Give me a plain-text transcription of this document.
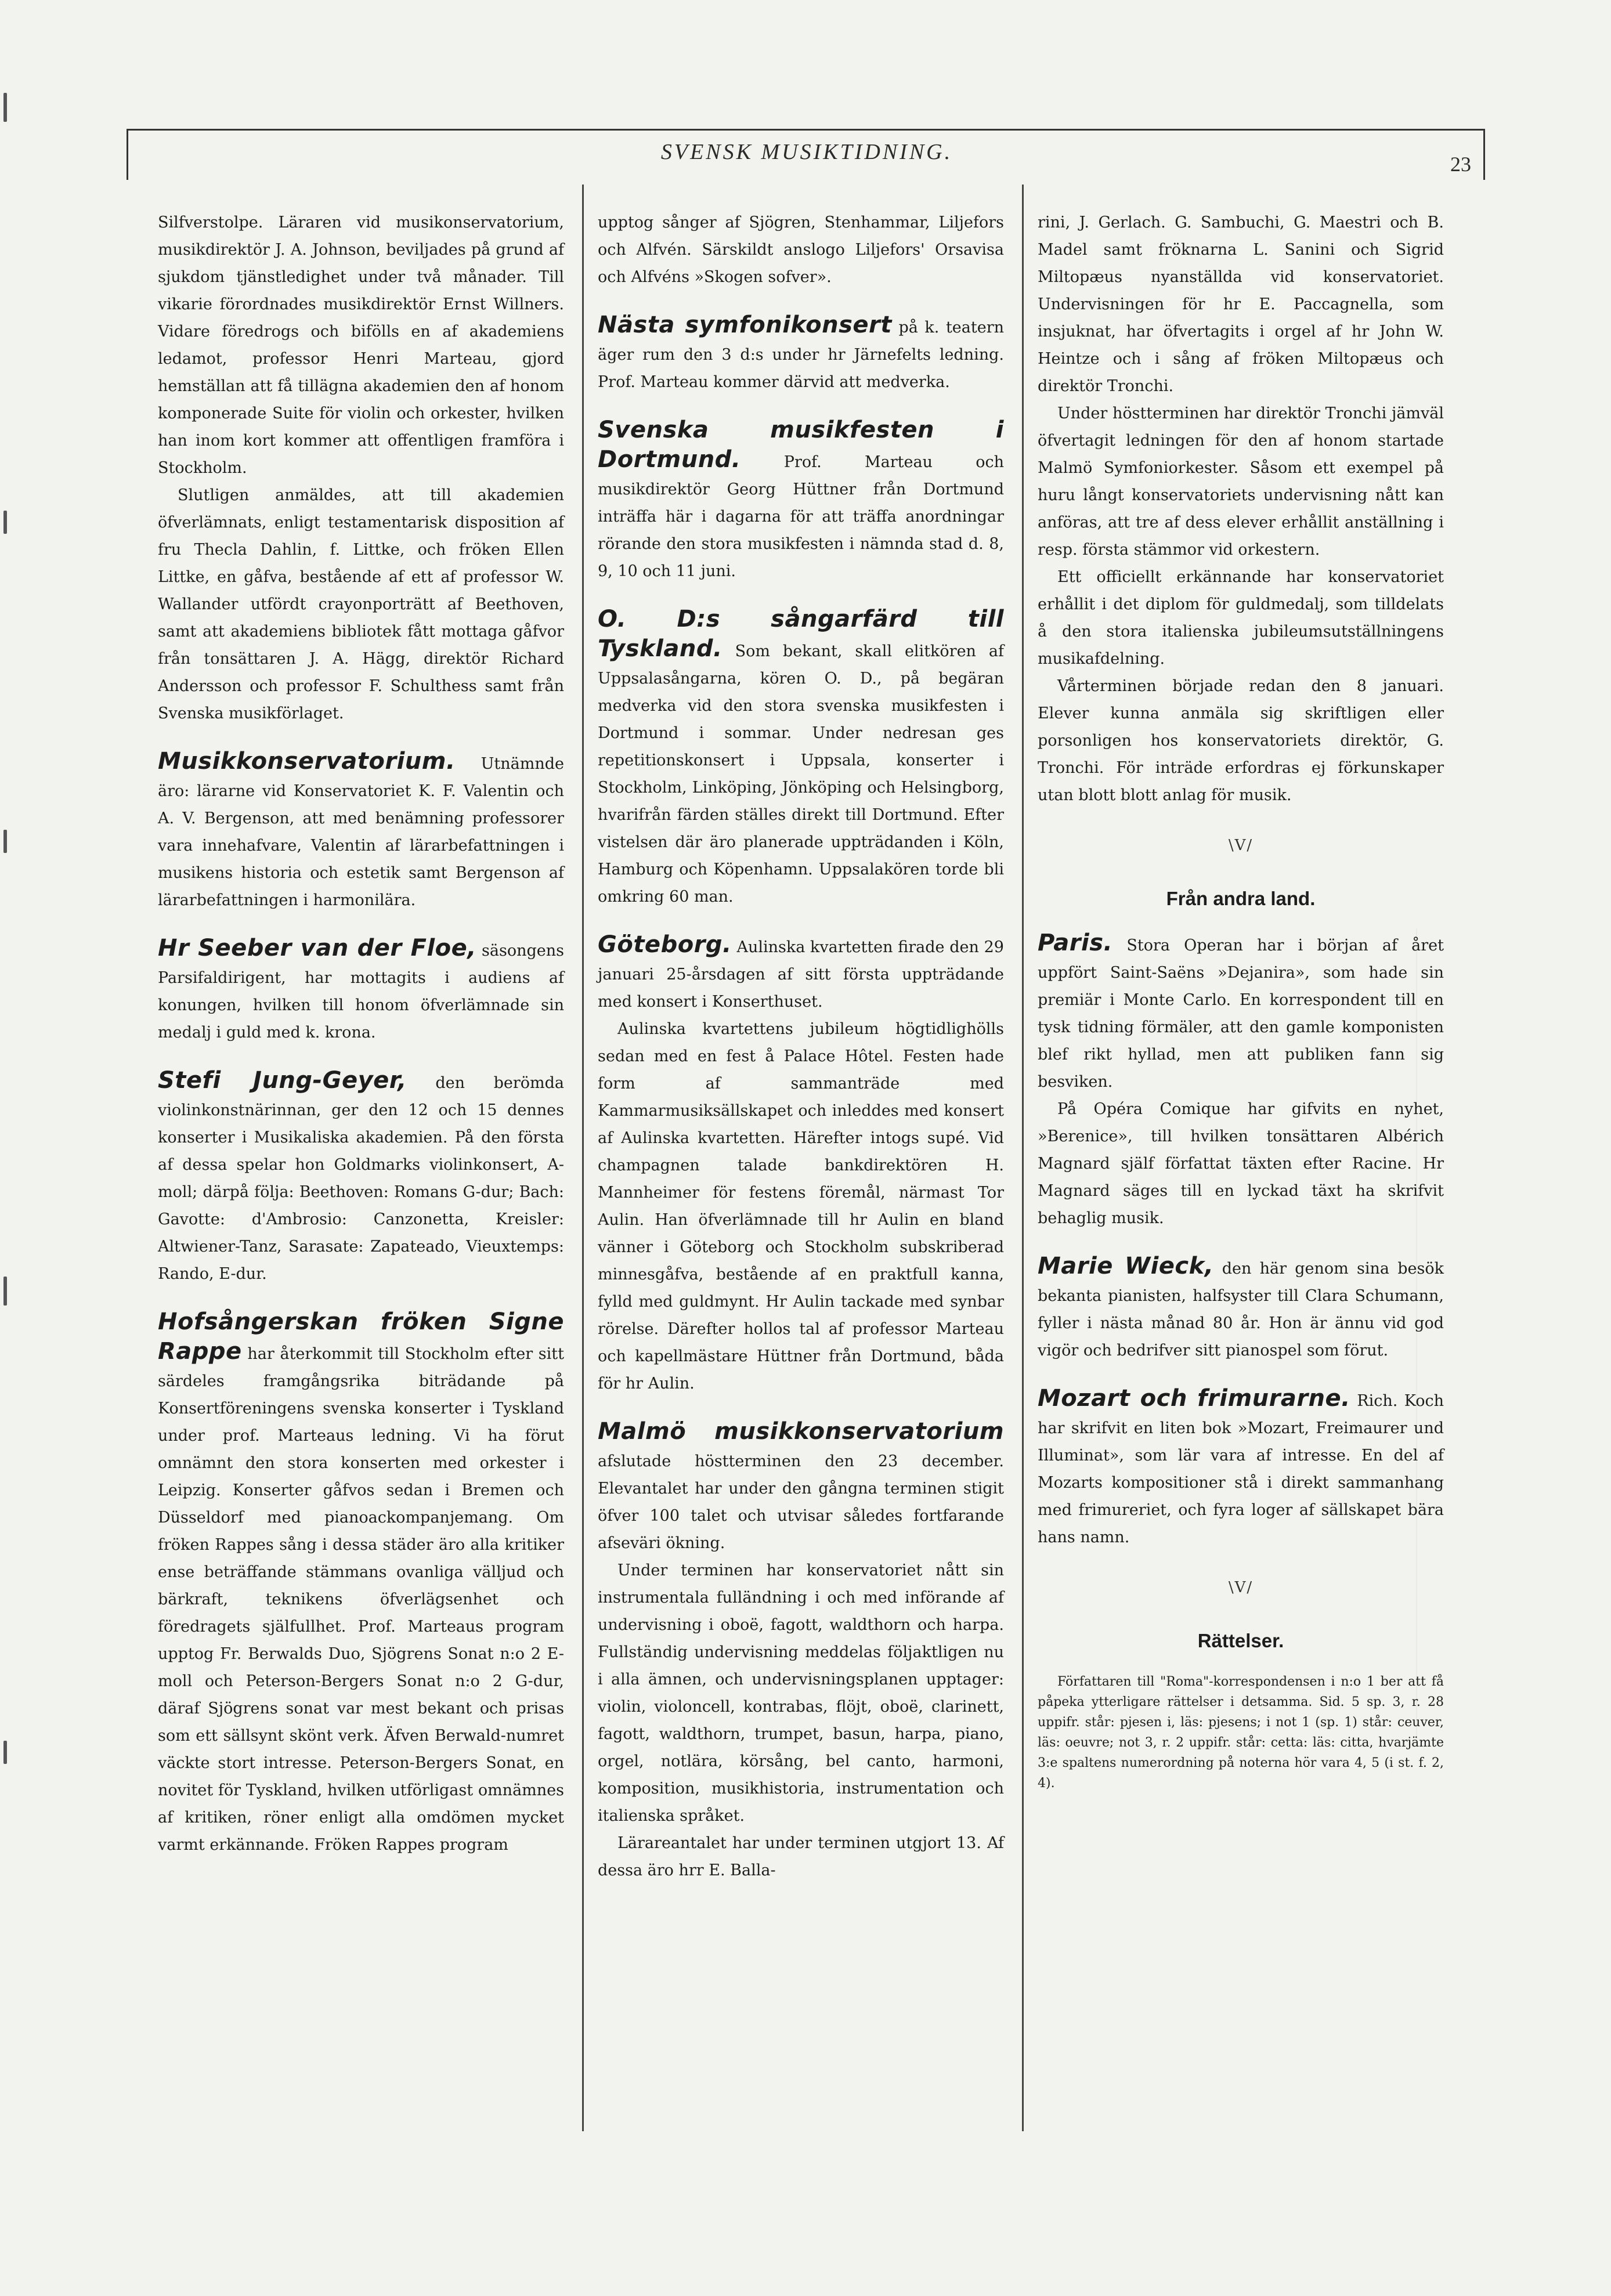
SVENSK MUSIKTIDNING.	23

Silfverstolpe. Läraren vid musikonservatorium, musikdirektör J. A. Johnson, beviljades på grund af sjukdom tjänstledighet under två månader. Till vikarie förordnades musikdirektör Ernst Willners. Vidare föredrogs och bifölls en af akademiens ledamot, professor Henri Marteau, gjord hemställan att få tillägna akademien den af honom komponerade Suite för violin och orkester, hvilken han inom kort kommer att offentligen framföra i Stockholm.

Slutligen anmäldes, att till akademien öfverlämnats, enligt testamentarisk disposition af fru Thecla Dahlin, f. Littke, och fröken Ellen Littke, en gåfva, bestående af ett af professor W. Wallander utfördt crayonporträtt af Beethoven, samt att akademiens bibliotek fått mottaga gåfvor från tonsättaren J. A. Hägg, direktör Richard Andersson och professor F. Schulthess samt från Svenska musikförlaget.

Musikkonservatorium. Utnämnde äro: lärarne vid Konservatoriet K. F. Valentin och A. V. Bergenson, att med benämning professorer vara innehafvare, Valentin af lärarbefattningen i musikens historia och estetik samt Bergenson af lärarbefattningen i harmonilära.

Hr Seeber van der Floe, säsongens Parsifaldirigent, har mottagits i audiens af konungen, hvilken till honom öfverlämnade sin medalj i guld med k. krona.

Stefi Jung-Geyer, den berömda violinkonstnärinnan, ger den 12 och 15 dennes konserter i Musikaliska akademien. På den första af dessa spelar hon Goldmarks violinkonsert, A-moll; därpå följa: Beethoven: Romans G-dur; Bach: Gavotte: d'Ambrosio: Canzonetta, Kreisler: Altwiener-Tanz, Sarasate: Zapateado, Vieuxtemps: Rando, E-dur.

Hofsångerskan fröken Signe Rappe har återkommit till Stockholm efter sitt särdeles framgångsrika biträdande på Konsertföreningens svenska konserter i Tyskland under prof. Marteaus ledning. Vi ha förut omnämnt den stora konserten med orkester i Leipzig. Konserter gåfvos sedan i Bremen och Düsseldorf med pianoackompanjemang. Om fröken Rappes sång i dessa städer äro alla kritiker ense beträffande stämmans ovanliga välljud och bärkraft, teknikens öfverlägsenhet och föredragets själfullhet. Prof. Marteaus program upptog Fr. Berwalds Duo, Sjögrens Sonat n:o 2 E-moll och Peterson-Bergers Sonat n:o 2 G-dur, däraf Sjögrens sonat var mest bekant och prisas som ett sällsynt skönt verk. Äfven Berwald-numret väckte stort intresse. Peterson-Bergers Sonat, en novitet för Tyskland, hvilken utförligast omnämnes af kritiken, röner enligt alla omdömen mycket varmt erkännande. Fröken Rappes program

upptog sånger af Sjögren, Stenhammar, Liljefors och Alfvén. Särskildt anslogo Liljefors' Orsavisa och Alfvéns »Skogen sofver».

Nästa symfonikonsert på k. teatern äger rum den 3 d:s under hr Järnefelts ledning. Prof. Marteau kommer därvid att medverka.

Svenska musikfesten i Dortmund.	Prof. Marteau och musikdirektör Georg Hüttner från Dortmund inträffa här i dagarna för att träffa anordningar rörande den stora musikfesten i nämnda stad d. 8, 9, 10 och 11 juni.

O. D:s sångarfärd till Tyskland. Som bekant, skall elitkören af Uppsalasångarna, kören O. D., på begäran medverka vid den stora svenska musikfesten i Dortmund i sommar. Under nedresan ges repetitionskonsert i Uppsala, konserter i Stockholm, Linköping, Jönköping och Helsingborg, hvarifrån färden ställes direkt till Dortmund. Efter vistelsen där äro planerade uppträdanden i Köln, Hamburg och Köpenhamn. Uppsalakören torde bli omkring 60 man.

Göteborg. Aulinska kvartetten firade den 29 januari 25-årsdagen af sitt första uppträdande med konsert i Konserthuset.

Aulinska kvartettens jubileum högtidlighölls sedan med en fest å Palace Hôtel. Festen hade form af sammanträde med Kammarmusiksällskapet och inleddes med konsert af Aulinska kvartetten. Härefter intogs supé. Vid champagnen talade bankdirektören H. Mannheimer för festens föremål, närmast Tor Aulin. Han öfverlämnade till hr Aulin en bland vänner i Göteborg och Stockholm subskriberad minnesgåfva, bestående af en praktfull kanna, fylld med guldmynt. Hr Aulin tackade med synbar rörelse. Därefter hollos tal af professor Marteau och kapellmästare Hüttner från Dortmund, båda för hr Aulin.

Malmö musikkonservatorium afslutade höstterminen den 23 december. Elevantalet har under den gångna terminen stigit öfver 100 talet och utvisar således fortfarande afseväri ökning.

Under terminen har konservatoriet nått sin instrumentala fulländning i och med införande af undervisning i oboë, fagott, waldthorn och harpa. Fullständig undervisning meddelas följaktligen nu i alla ämnen, och undervisningsplanen upptager: violin, violoncell, kontrabas, flöjt, oboë, clarinett, fagott, waldthorn, trumpet, basun, harpa, piano, orgel, notlära, körsång, bel canto, harmoni, komposition, musikhistoria, instrumentation och italienska språket.

Lärareantalet har under terminen utgjort 13. Af dessa äro hrr E. Balla-

rini, J. Gerlach. G. Sambuchi, G. Maestri och B. Madel samt fröknarna L. Sanini och Sigrid Miltopæus nyanställda vid konservatoriet. Undervisningen för hr E. Paccagnella, som insjuknat, har öfvertagits i orgel af hr John W. Heintze och i sång af fröken Miltopæus och direktör Tronchi.

Under höstterminen har direktör Tronchi jämväl öfvertagit ledningen för den af honom startade Malmö Symfoniorkester. Såsom ett exempel på huru långt konservatoriets undervisning nått kan anföras, att tre af dess elever erhållit anställning i resp. första stämmor vid orkestern.

Ett officiellt erkännande har konservatoriet erhållit i det diplom för guldmedalj, som tilldelats å den stora italienska jubileumsutställningens musikafdelning.

Vårterminen började redan den 8 januari. Elever kunna anmäla sig skriftligen eller porsonligen hos konservatoriets direktör, G. Tronchi. För inträde erfordras ej förkunskaper utan blott blott anlag för musik.

\V/
Från andra land.

Paris. Stora Operan har i början af året uppfört Saint-Saëns »Dejanira», som hade sin premiär i Monte Carlo. En korrespondent till en tysk tidning förmäler, att den gamle komponisten blef rikt hyllad, men att publiken fann sig besviken.

På Opéra Comique har gifvits en nyhet, »Berenice», till hvilken tonsättaren Albérich Magnard själf författat täxten efter Racine. Hr Magnard säges till en lyckad täxt ha skrifvit behaglig musik.

Marie Wieck, den här genom sina besök bekanta pianisten, halfsyster till Clara Schumann, fyller i nästa månad 80 år. Hon är ännu vid god vigör och bedrifver sitt pianospel som förut.

Mozart och frimurarne. Rich. Koch har skrifvit en liten bok »Mozart, Freimaurer und Illuminat», som lär vara af intresse. En del af Mozarts kompositioner stå i direkt sammanhang med frimureriet, och fyra loger af sällskapet bära hans namn.

\V/
Rättelser.

Författaren till "Roma"-korrespondensen i n:o 1 ber att få påpeka ytterligare rättelser i detsamma. Sid. 5 sp. 3, r. 28 uppifr. står: pjesen i, läs: pjesens; i not 1 (sp. 1) står: ceuver, läs: oeuvre; not 3, r. 2 uppifr. står: cetta: läs: citta, hvarjämte 3:e spaltens numerordning på noterna hör vara 4, 5 (i st. f. 2, 4).
